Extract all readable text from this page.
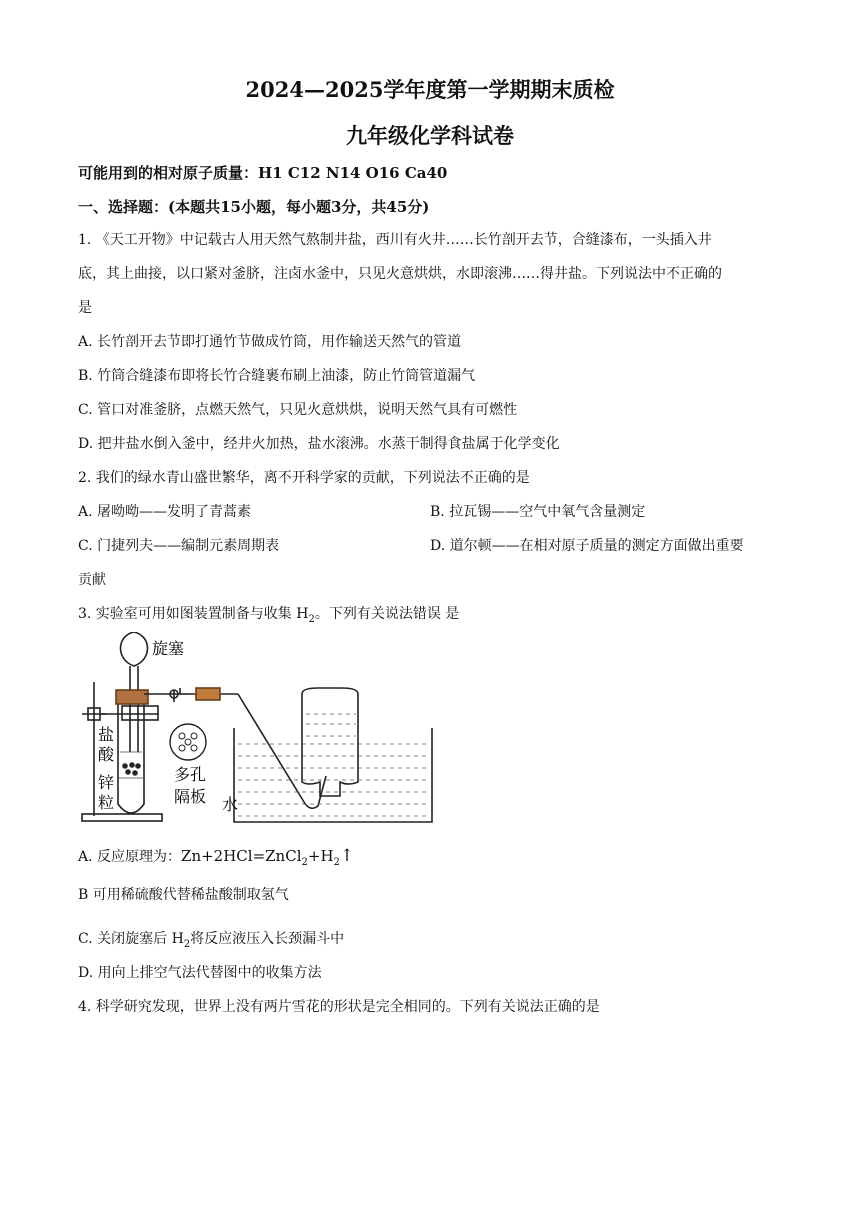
2024—2025学年度第一学期期末质检
九年级化学科试卷
可能用到的相对原子质量：H1 C12 N14 O16 Ca40
一、选择题：(本题共15小题，每小题3分，共45分)
1. 《天工开物》中记载古人用天然气熬制井盐，西川有火井……长竹剖开去节，合缝漆布，一头插入井
底，其上曲接，以口紧对釜脐，注卤水釜中，只见火意烘烘，水即滚沸……得井盐。下列说法中不正确的
是
A. 长竹剖开去节即打通竹节做成竹筒，用作输送天然气的管道
B. 竹筒合缝漆布即将长竹合缝裹布刷上油漆，防止竹筒管道漏气
C. 管口对准釜脐，点燃天然气，只见火意烘烘，说明天然气具有可燃性
D. 把井盐水倒入釜中，经井火加热，盐水滚沸。水蒸干制得食盐属于化学变化
2. 我们的绿水青山盛世繁华，离不开科学家的贡献，下列说法不正确的是
A. 屠呦呦——发明了青蒿素	B. 拉瓦锡——空气中氧气含量测定
C. 门捷列夫——编制元素周期表	D. 道尔顿——在相对原子质量的测定方面做出重要
贡献
3. 实验室可用如图装置制备与收集 $H_2$。下列有关说法错误 是
旋塞
盐
酸
锌
粒
多孔
隔板 水
A. 反应原理为：$Zn+2HCl=ZnCl_2+H_2↑$
B 可用稀硫酸代替稀盐酸制取氢气
C. 关闭旋塞后 $H_2$将反应液压入长颈漏斗中
D. 用向上排空气法代替图中的收集方法
4. 科学研究发现，世界上没有两片雪花的形状是完全相同的。下列有关说法正确的是
